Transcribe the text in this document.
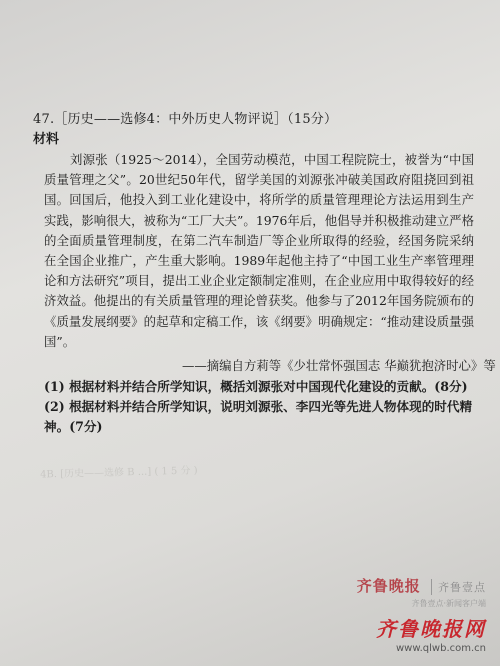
47.［历史——选修4：中外历史人物评说］（15分）
材料
刘源张（1925～2014），全国劳动模范，中国工程院院士，被誉为“中国质量管理之父”。20世纪50年代，留学美国的刘源张冲破美国政府阻挠回到祖国。回国后，他投入到工业化建设中，将所学的质量管理理论方法运用到生产实践，影响很大，被称为“工厂大夫”。1976年后，他倡导并积极推动建立严格的全面质量管理制度，在第二汽车制造厂等企业所取得的经验，经国务院采纳在全国企业推广，产生重大影响。1989年起他主持了“中国工业生产率管理理论和方法研究”项目，提出工业企业定额制定准则，在企业应用中取得较好的经济效益。他提出的有关质量管理的理论曾获奖。他参与了2012年国务院颁布的《质量发展纲要》的起草和定稿工作，该《纲要》明确规定：“推动建设质量强国”。
——摘编自方莉等《少壮常怀强国志 华巅犹抱济时心》等
(1) 根据材料并结合所学知识，概括刘源张对中国现代化建设的贡献。(8分)
(2) 根据材料并结合所学知识，说明刘源张、李四光等先进人物体现的时代精神。(7分)
4B. [历史——选修 B ...] ( 1 5 分 )
齐鲁晚报 齐鲁壹点
齐鲁壹点·新闻客户端
齐鲁晚报网
www.qlwb.com.cn
